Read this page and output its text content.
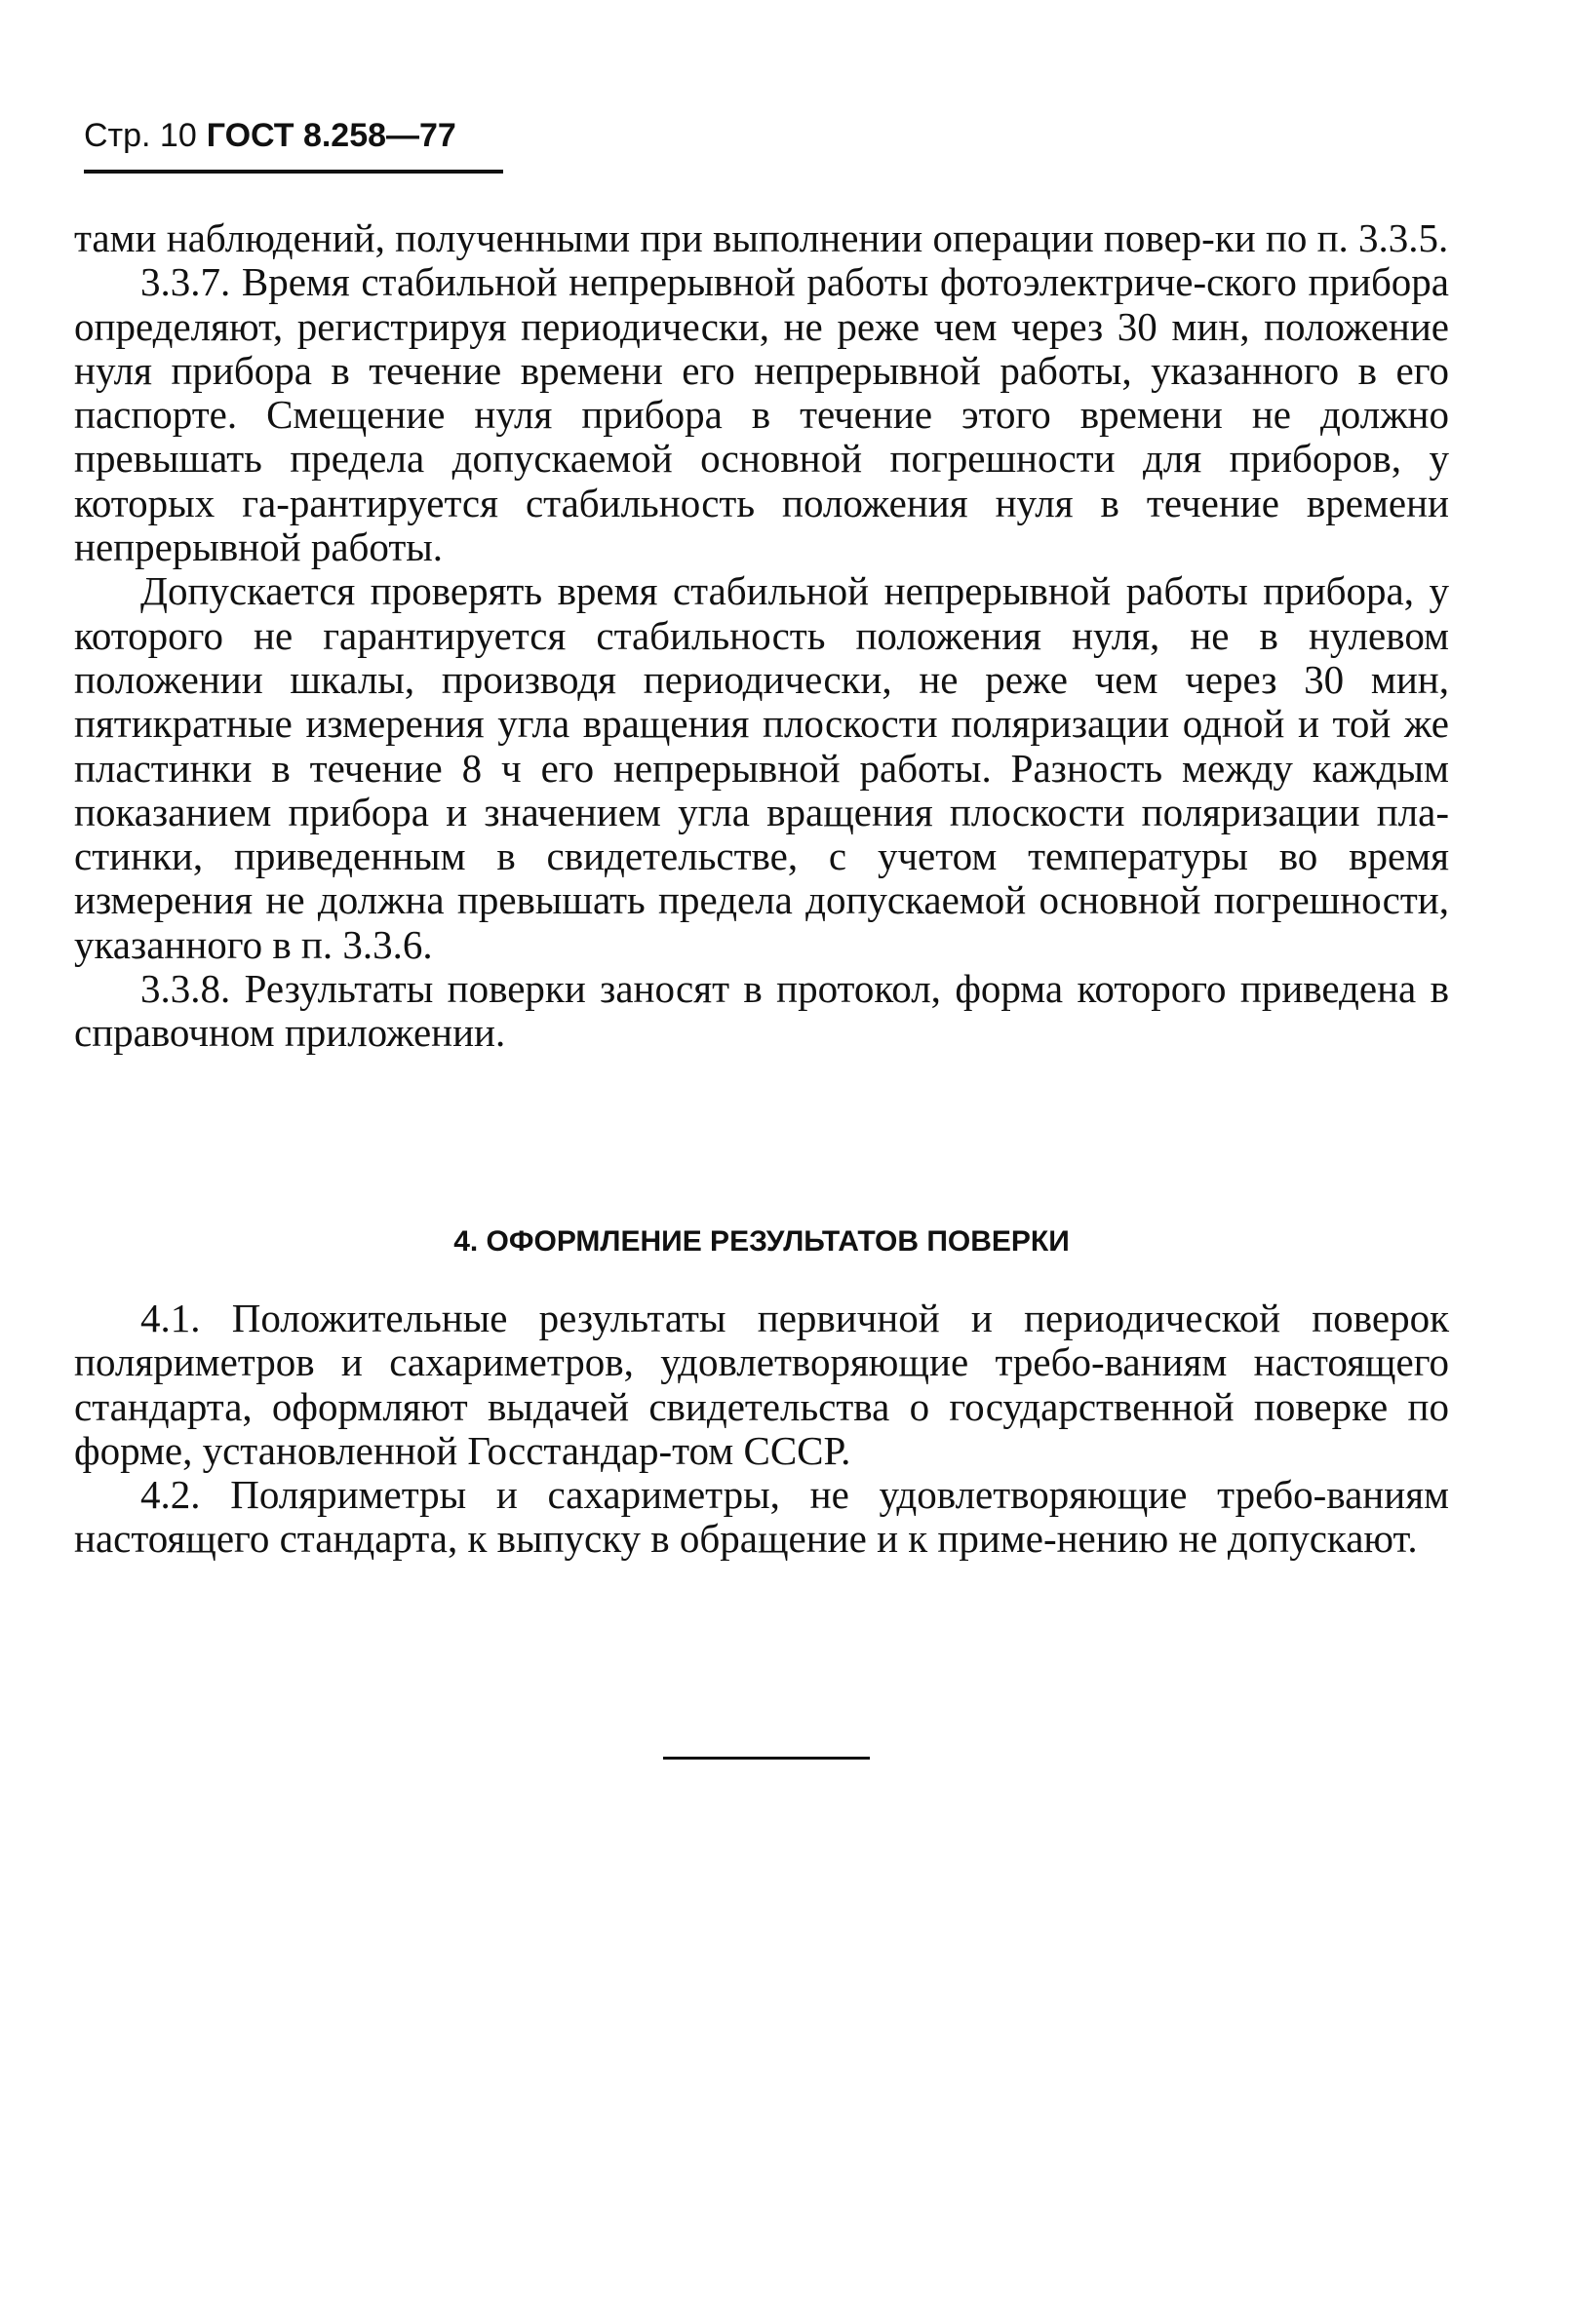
Стр. 10 ГОСТ 8.258—77

тами наблюдений, полученными при выполнении операции повер-ки по п. 3.3.5.

3.3.7. Время стабильной непрерывной работы фотоэлектриче-ского прибора определяют, регистрируя периодически, не реже чем через 30 мин, положение нуля прибора в течение времени его непрерывной работы, указанного в его паспорте. Смещение нуля прибора в течение этого времени не должно превышать предела допускаемой основной погрешности для приборов, у которых га-рантируется стабильность положения нуля в течение времени непрерывной работы.

Допускается проверять время стабильной непрерывной работы прибора, у которого не гарантируется стабильность положения нуля, не в нулевом положении шкалы, производя периодически, не реже чем через 30 мин, пятикратные измерения угла вращения плоскости поляризации одной и той же пластинки в течение 8 ч его непрерывной работы. Разность между каждым показанием прибора и значением угла вращения плоскости поляризации пла-стинки, приведенным в свидетельстве, с учетом температуры во время измерения не должна превышать предела допускаемой основной погрешности, указанного в п. 3.3.6.

3.3.8. Результаты поверки заносят в протокол, форма которого приведена в справочном приложении.

4. ОФОРМЛЕНИЕ РЕЗУЛЬТАТОВ ПОВЕРКИ

4.1. Положительные результаты первичной и периодической поверок поляриметров и сахариметров, удовлетворяющие требо-ваниям настоящего стандарта, оформляют выдачей свидетельства о государственной поверке по форме, установленной Госстандар-том СССР.

4.2. Поляриметры и сахариметры, не удовлетворяющие требо-ваниям настоящего стандарта, к выпуску в обращение и к приме-нению не допускают.
